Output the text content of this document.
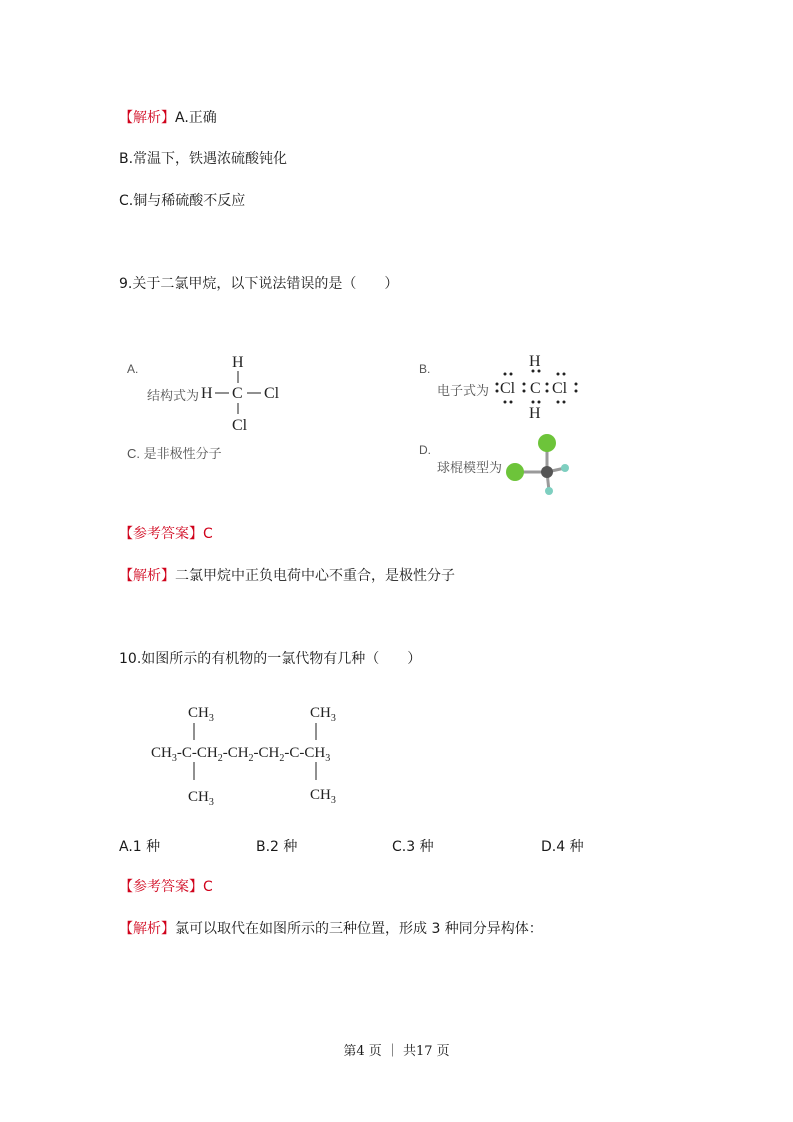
【解析】A.正确
B.常温下，铁遇浓硫酸钝化
C.铜与稀硫酸不反应
9.关于二氯甲烷，以下说法错误的是（　　）
A.
结构式为
H
H C Cl
Cl
B.
电子式为
H
H
Cl C Cl
C. 是非极性分子	D.
球棍模型为
【参考答案】C
【解析】二氯甲烷中正负电荷中心不重合，是极性分子
10.如图所示的有机物的一氯代物有几种（　　）
$CH_3$	$CH_3$
$CH_3-C-CH_2-CH_2-CH_2-C-CH_3$
$CH_3$	$CH_3$
A.1 种	B.2 种	C.3 种	D.4 种
【参考答案】C
【解析】氯可以取代在如图所示的三种位置，形成 3 种同分异构体：
第4 页 ｜ 共17 页
